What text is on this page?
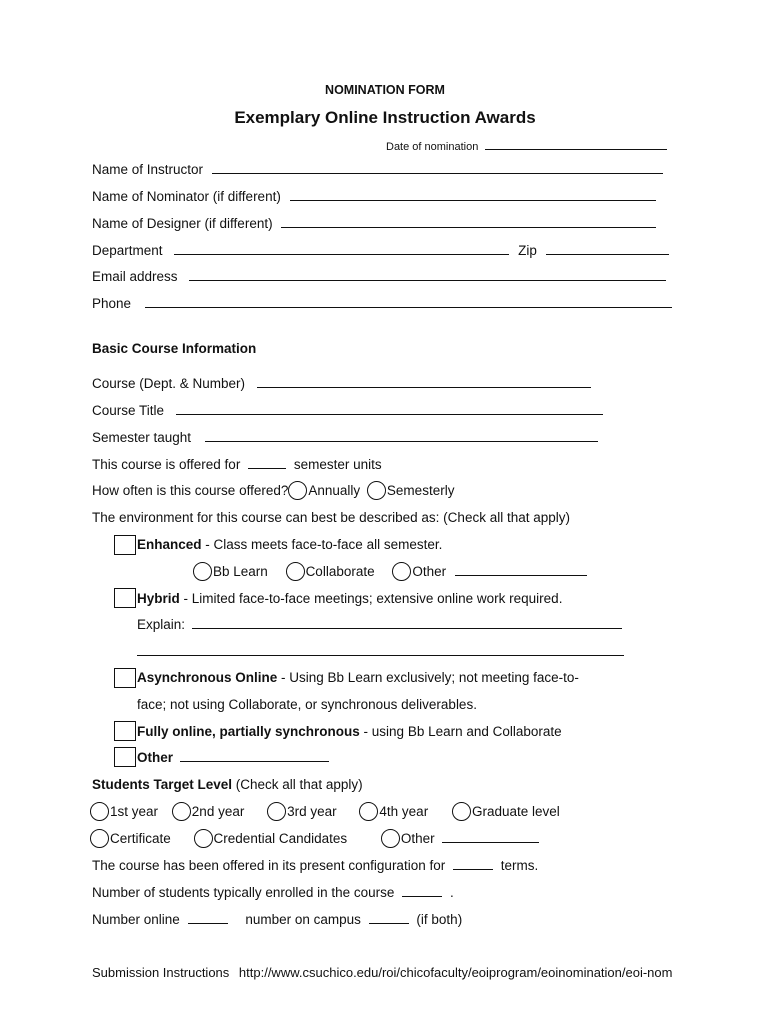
NOMINATION FORM
Exemplary Online Instruction Awards
Date of nomination
Name of Instructor
Name of Nominator (if different)
Name of Designer (if different)
Department	Zip
Email address
Phone
Basic Course Information
Course (Dept. & Number)
Course Title
Semester taught
This course is offered for	semester units
How often is this course offered? Annually Semesterly
The environment for this course can best be described as: (Check all that apply)
Enhanced - Class meets face-to-face all semester.
Bb Learn	Collaborate	Other
Hybrid - Limited face-to-face meetings; extensive online work required.
Explain:
Asynchronous Online - Using Bb Learn exclusively; not meeting face-to-
face; not using Collaborate, or synchronous deliverables.
Fully online, partially synchronous - using Bb Learn and Collaborate
Other
Students Target Level (Check all that apply)
1st year	2nd year	3rd year	4th year	Graduate level
Certificate	Credential Candidates	Other
The course has been offered in its present configuration for	terms.
Number of students typically enrolled in the course	.
Number online	number on campus	(if both)
Submission Instructions http://www.csuchico.edu/roi/chicofaculty/eoiprogram/eoinomination/eoi-nom
